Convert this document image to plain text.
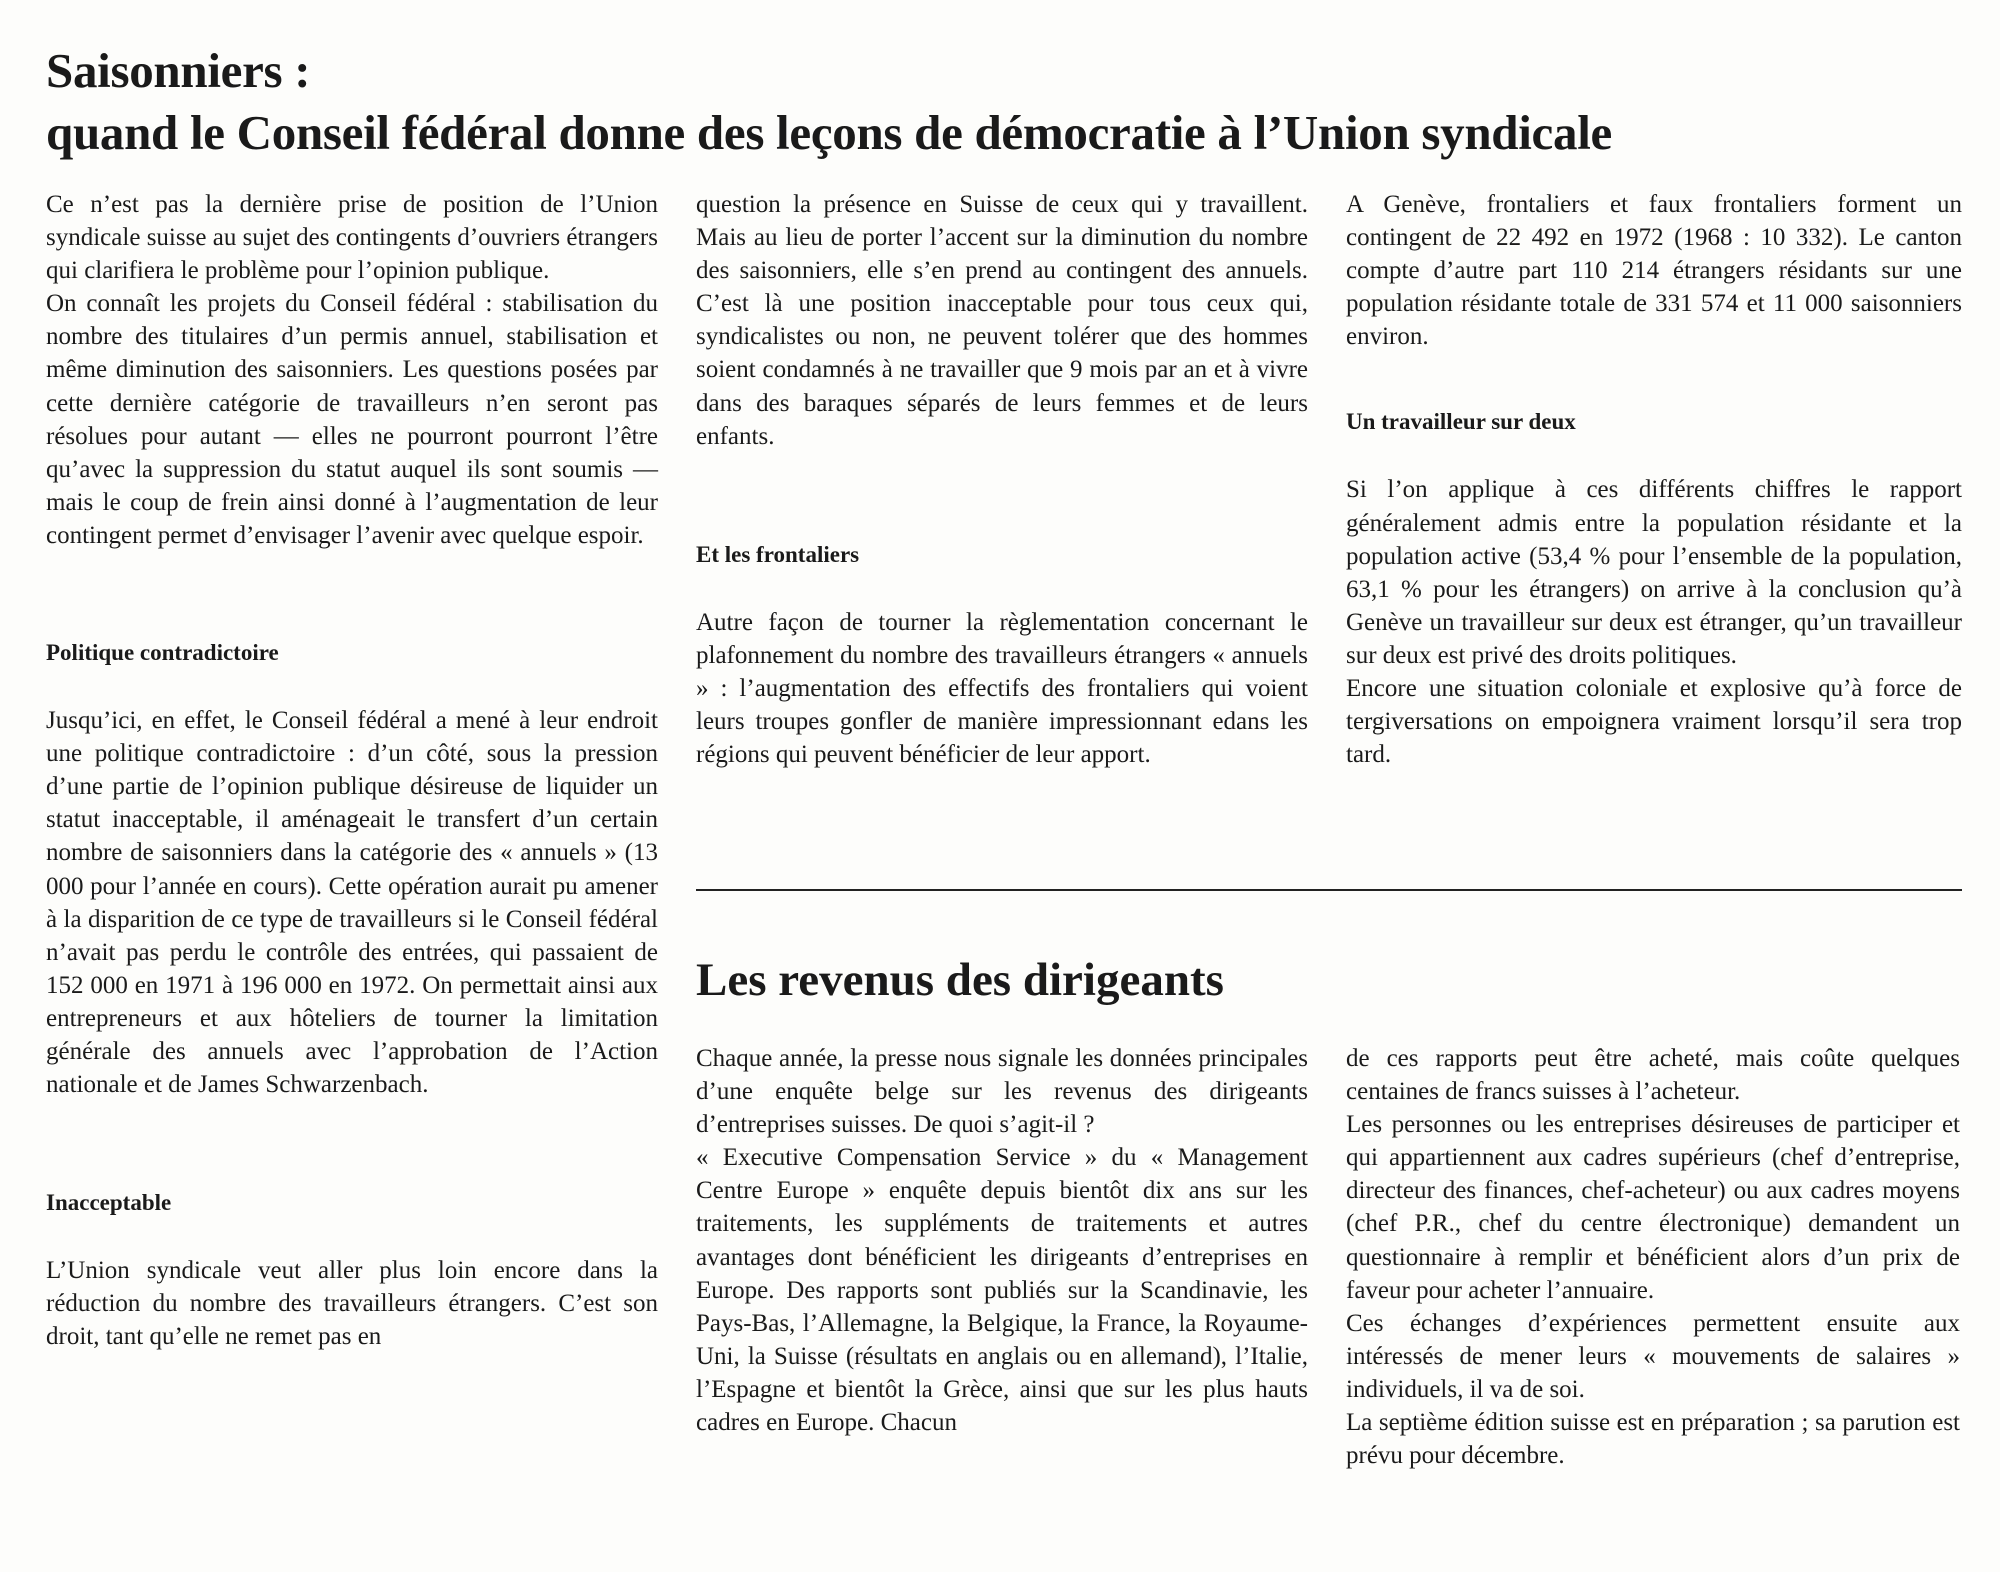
Saisonniers :
quand le Conseil fédéral donne des leçons de démocratie à l’Union syndicale

Ce n’est pas la dernière prise de position de l’Union syndicale suisse au sujet des contingents d’ouvriers étrangers qui clarifiera le problème pour l’opinion publique.

On connaît les projets du Conseil fédéral : stabilisation du nombre des titulaires d’un permis annuel, stabilisation et même diminution des saisonniers. Les questions posées par cette dernière catégorie de travailleurs n’en seront pas résolues pour autant — elles ne pourront pourront l’être qu’avec la suppression du statut auquel ils sont soumis — mais le coup de frein ainsi donné à l’augmentation de leur contingent permet d’envisager l’avenir avec quelque espoir.

Politique contradictoire

Jusqu’ici, en effet, le Conseil fédéral a mené à leur endroit une politique contradictoire : d’un côté, sous la pression d’une partie de l’opinion publique désireuse de liquider un statut inacceptable, il aménageait le transfert d’un certain nombre de saisonniers dans la catégorie des « annuels » (13 000 pour l’année en cours). Cette opération aurait pu amener à la disparition de ce type de travailleurs si le Conseil fédéral n’avait pas perdu le contrôle des entrées, qui passaient de 152 000 en 1971 à 196 000 en 1972. On permettait ainsi aux entrepreneurs et aux hôteliers de tourner la limitation générale des annuels avec l’approbation de l’Action nationale et de James Schwarzenbach.

Inacceptable

L’Union syndicale veut aller plus loin encore dans la réduction du nombre des travailleurs étrangers. C’est son droit, tant qu’elle ne remet pas en

question la présence en Suisse de ceux qui y travaillent. Mais au lieu de porter l’accent sur la diminution du nombre des saisonniers, elle s’en prend au contingent des annuels. C’est là une position inacceptable pour tous ceux qui, syndicalistes ou non, ne peuvent tolérer que des hommes soient condamnés à ne travailler que 9 mois par an et à vivre dans des baraques séparés de leurs femmes et de leurs enfants.

Et les frontaliers

Autre façon de tourner la règlementation concernant le plafonnement du nombre des travailleurs étrangers « annuels » : l’augmentation des effectifs des frontaliers qui voient leurs troupes gonfler de manière impressionnant edans les régions qui peuvent bénéficier de leur apport.

A Genève, frontaliers et faux frontaliers forment un contingent de 22 492 en 1972 (1968 : 10 332). Le canton compte d’autre part 110 214 étrangers résidants sur une population résidante totale de 331 574 et 11 000 saisonniers environ.

Un travailleur sur deux

Si l’on applique à ces différents chiffres le rapport généralement admis entre la population résidante et la population active (53,4 % pour l’ensemble de la population, 63,1 % pour les étrangers) on arrive à la conclusion qu’à Genève un travailleur sur deux est étranger, qu’un travailleur sur deux est privé des droits politiques.

Encore une situation coloniale et explosive qu’à force de tergiversations on empoignera vraiment lorsqu’il sera trop tard.

Les revenus des dirigeants

Chaque année, la presse nous signale les données principales d’une enquête belge sur les revenus des dirigeants d’entreprises suisses. De quoi s’agit-il ?

« Executive Compensation Service » du « Management Centre Europe » enquête depuis bientôt dix ans sur les traitements, les suppléments de traitements et autres avantages dont bénéficient les dirigeants d’entreprises en Europe. Des rapports sont publiés sur la Scandinavie, les Pays-Bas, l’Allemagne, la Belgique, la France, la Royaume-Uni, la Suisse (résultats en anglais ou en allemand), l’Italie, l’Espagne et bientôt la Grèce, ainsi que sur les plus hauts cadres en Europe. Chacun

de ces rapports peut être acheté, mais coûte quelques centaines de francs suisses à l’acheteur.

Les personnes ou les entreprises désireuses de participer et qui appartiennent aux cadres supérieurs (chef d’entreprise, directeur des finances, chef-acheteur) ou aux cadres moyens (chef P.R., chef du centre électronique) demandent un questionnaire à remplir et bénéficient alors d’un prix de faveur pour acheter l’annuaire.

Ces échanges d’expériences permettent ensuite aux intéressés de mener leurs « mouvements de salaires » individuels, il va de soi.

La septième édition suisse est en préparation ; sa parution est prévu pour décembre.
